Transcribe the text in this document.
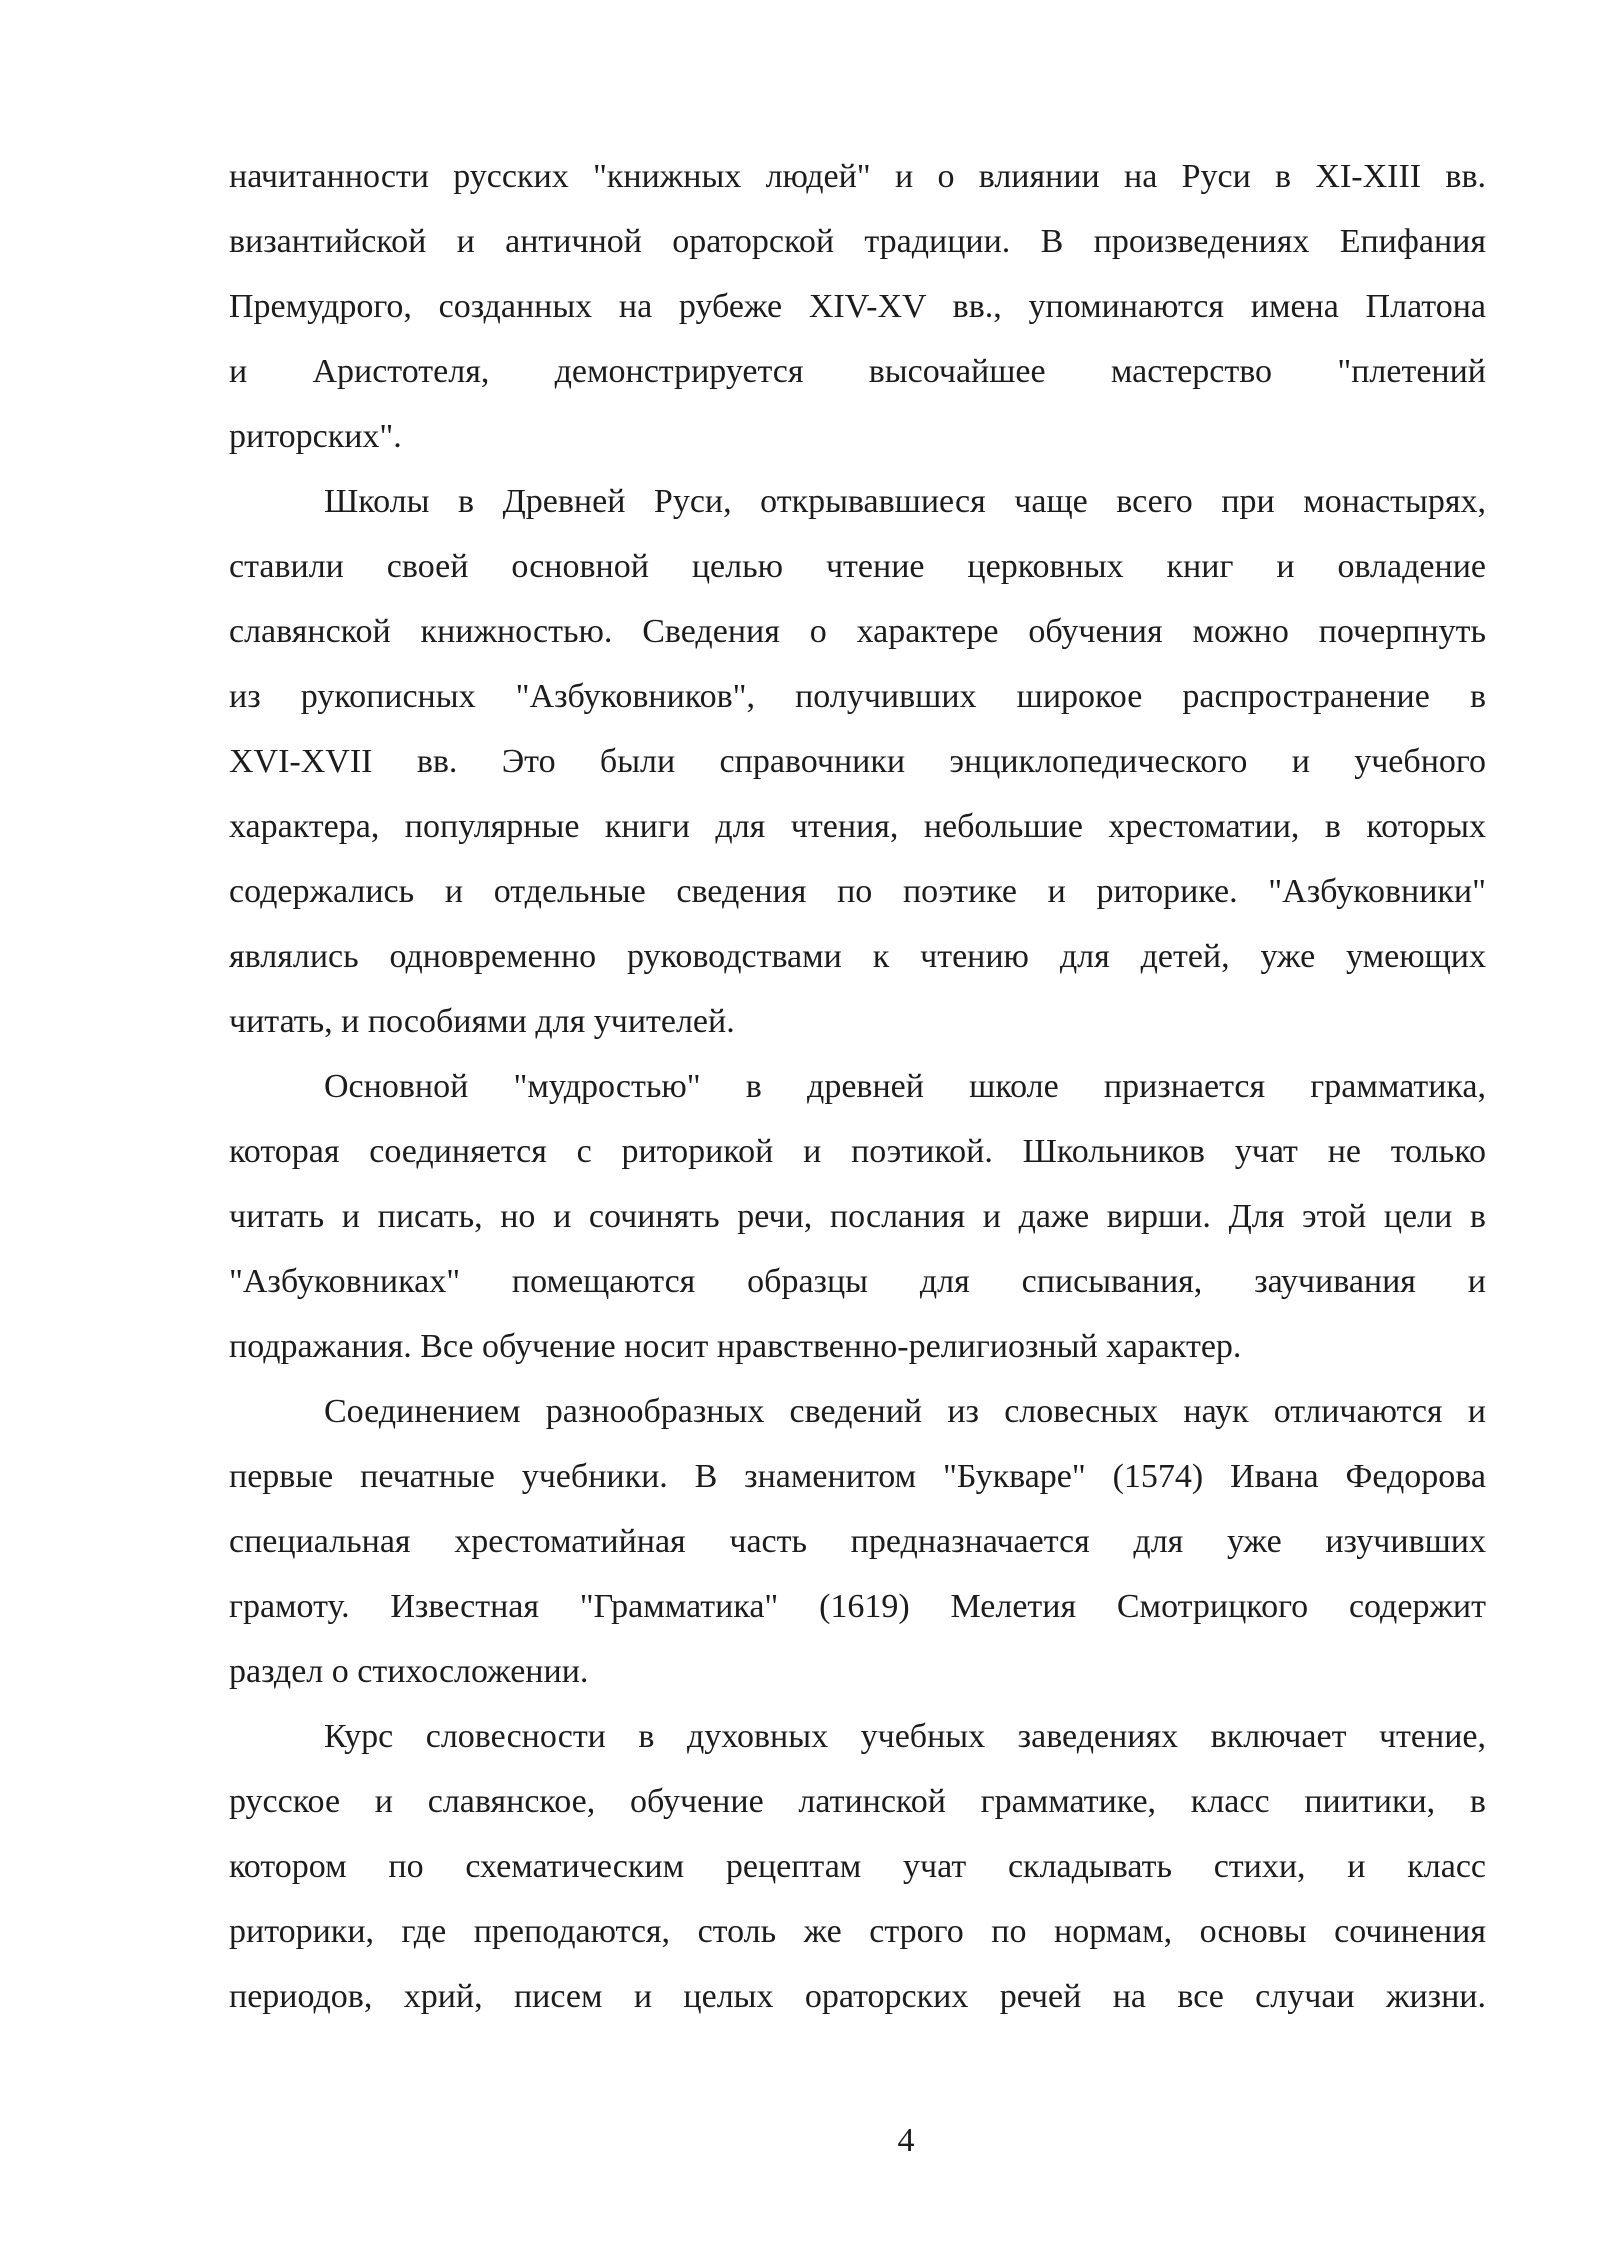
начитанности русских "книжных людей" и о влиянии на Руси в XI-XIII вв.
византийской и античной ораторской традиции. В произведениях Епифания
Премудрого, созданных на рубеже XIV-XV вв., упоминаются имена Платона
и Аристотеля, демонстрируется высочайшее мастерство "плетений
риторских".

Школы в Древней Руси, открывавшиеся чаще всего при монастырях,
ставили своей основной целью чтение церковных книг и овладение
славянской книжностью. Сведения о характере обучения можно почерпнуть
из рукописных "Азбуковников", получивших широкое распространение в
XVI-XVII вв. Это были справочники энциклопедического и учебного
характера, популярные книги для чтения, небольшие хрестоматии, в которых
содержались и отдельные сведения по поэтике и риторике. "Азбуковники"
являлись одновременно руководствами к чтению для детей, уже умеющих
читать, и пособиями для учителей.

Основной "мудростью" в древней школе признается грамматика,
которая соединяется с риторикой и поэтикой. Школьников учат не только
читать и писать, но и сочинять речи, послания и даже вирши. Для этой цели в
"Азбуковниках" помещаются образцы для списывания, заучивания и
подражания. Все обучение носит нравственно-религиозный характер.

Соединением разнообразных сведений из словесных наук отличаются и
первые печатные учебники. В знаменитом "Букваре" (1574) Ивана Федорова
специальная хрестоматийная часть предназначается для уже изучивших
грамоту. Известная "Грамматика" (1619) Мелетия Смотрицкого содержит
раздел о стихосложении.

Курс словесности в духовных учебных заведениях включает чтение,
русское и славянское, обучение латинской грамматике, класс пиитики, в
котором по схематическим рецептам учат складывать стихи, и класс
риторики, где преподаются, столь же строго по нормам, основы сочинения
периодов, хрий, писем и целых ораторских речей на все случаи жизни.

4
